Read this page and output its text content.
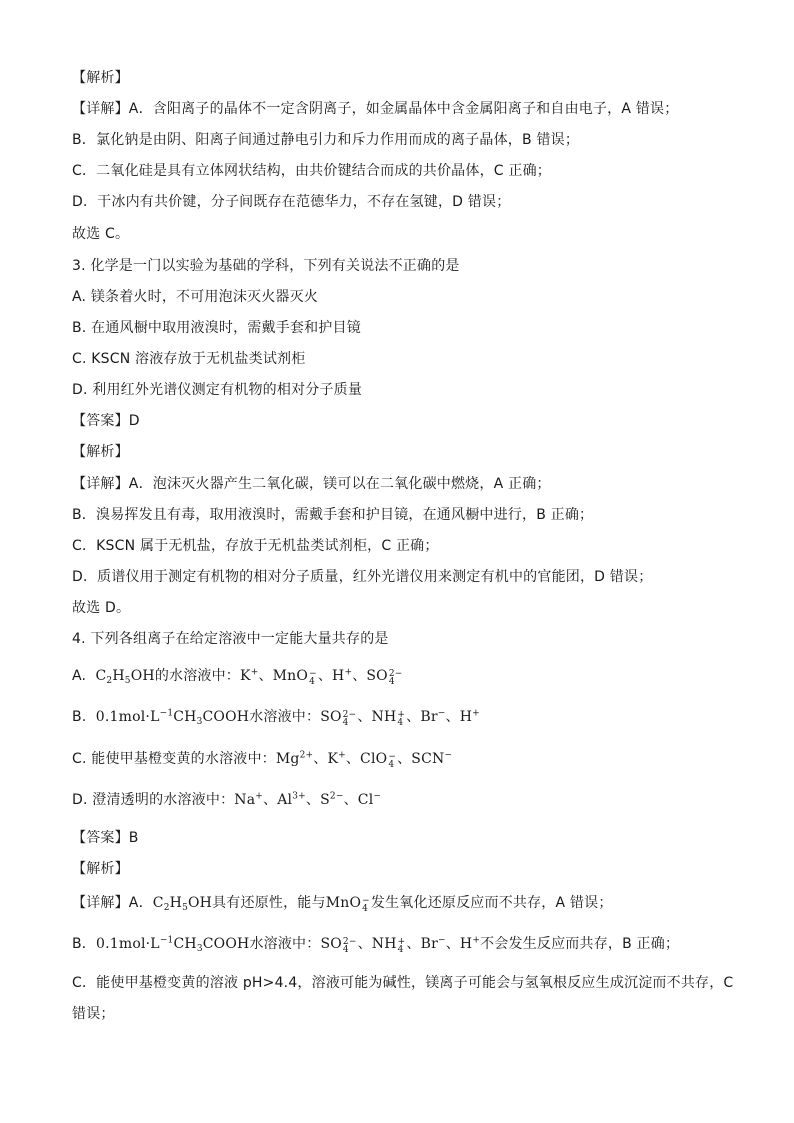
【解析】
【详解】A．含阳离子的晶体不一定含阴离子，如金属晶体中含金属阳离子和自由电子，A 错误；
B．氯化钠是由阴、阳离子间通过静电引力和斥力作用而成的离子晶体，B 错误；
C．二氧化硅是具有立体网状结构，由共价键结合而成的共价晶体，C 正确；
D．干冰内有共价键，分子间既存在范德华力，不存在氢键，D 错误；
故选 C。
3. 化学是一门以实验为基础的学科，下列有关说法不正确的是
A. 镁条着火时，不可用泡沫灭火器灭火
B. 在通风橱中取用液溴时，需戴手套和护目镜
C. KSCN 溶液存放于无机盐类试剂柜
D. 利用红外光谱仪测定有机物的相对分子质量
【答案】D
【解析】
【详解】A．泡沫灭火器产生二氧化碳，镁可以在二氧化碳中燃烧，A 正确；
B．溴易挥发且有毒，取用液溴时，需戴手套和护目镜，在通风橱中进行，B 正确；
C．KSCN 属于无机盐，存放于无机盐类试剂柜，C 正确；
D．质谱仪用于测定有机物的相对分子质量，红外光谱仪用来测定有机中的官能团，D 错误；
故选 D。
4. 下列各组离子在给定溶液中一定能大量共存的是
A. $C_2H_5OH$的水溶液中：K+、MnO −
4 、H+、SO 2−
4
B. $0.1mol\cdot L^{-1}CH_3COOH$水溶液中：SO 2−
4 、NH +
4 、Br−、H+
C. 能使甲基橙变黄的水溶液中：$Mg^{2+}$、K+、ClO −
4 、SCN−
D. 澄清透明的水溶液中：Na+、$Al^{3+}$、$S^{2-}$、Cl−
【答案】B
【解析】
【详解】A．$C_2H_5OH$具有还原性，能与MnO −
4 发生氧化还原反应而不共存，A 错误；
B．$0.1mol\cdot L^{-1}CH_3COOH$水溶液中：SO 2−
4 、NH +
4 、Br−、H+不会发生反应而共存，B 正确；
C．能使甲基橙变黄的溶液 pH>4.4，溶液可能为碱性，镁离子可能会与氢氧根反应生成沉淀而不共存，C
错误；
